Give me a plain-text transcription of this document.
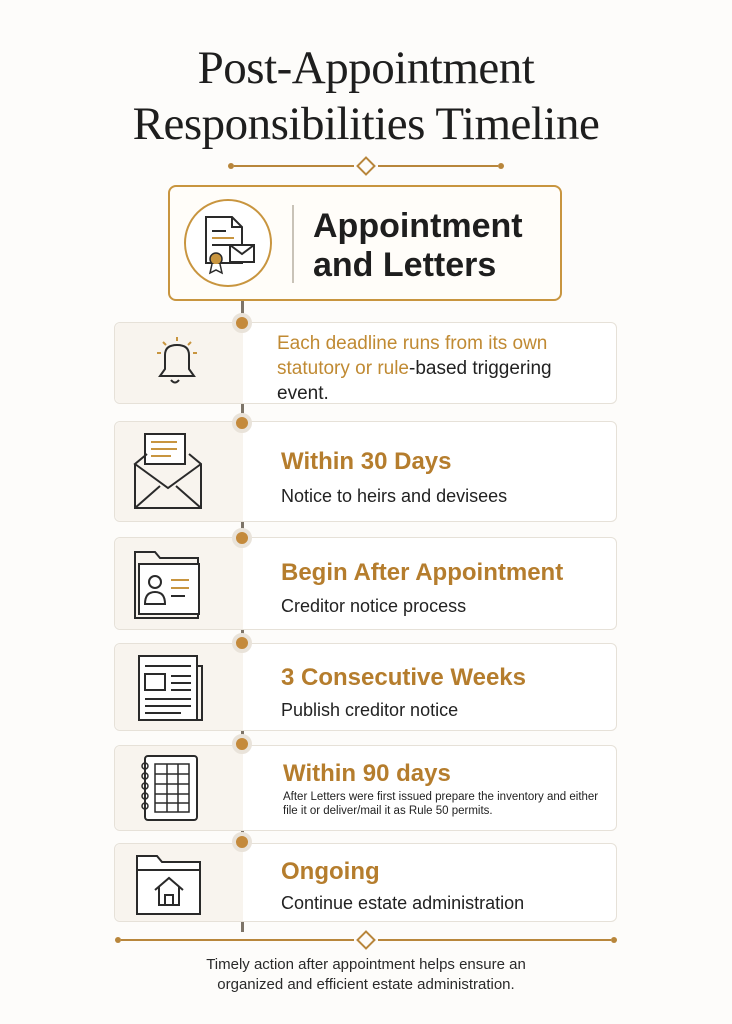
Post-Appointment
Responsibilities Timeline
Appointment
and Letters
Each deadline runs from its own statutory or rule-based triggering event.
Within 30 Days
Notice to heirs and devisees
Begin After Appointment
Creditor notice process
3 Consecutive Weeks
Publish creditor notice
Within 90 days
After Letters were first issued prepare the inventory and either file it or deliver/mail it as Rule 50 permits.
Ongoing
Continue estate administration
Timely action after appointment helps ensure an
organized and efficient estate administration.
